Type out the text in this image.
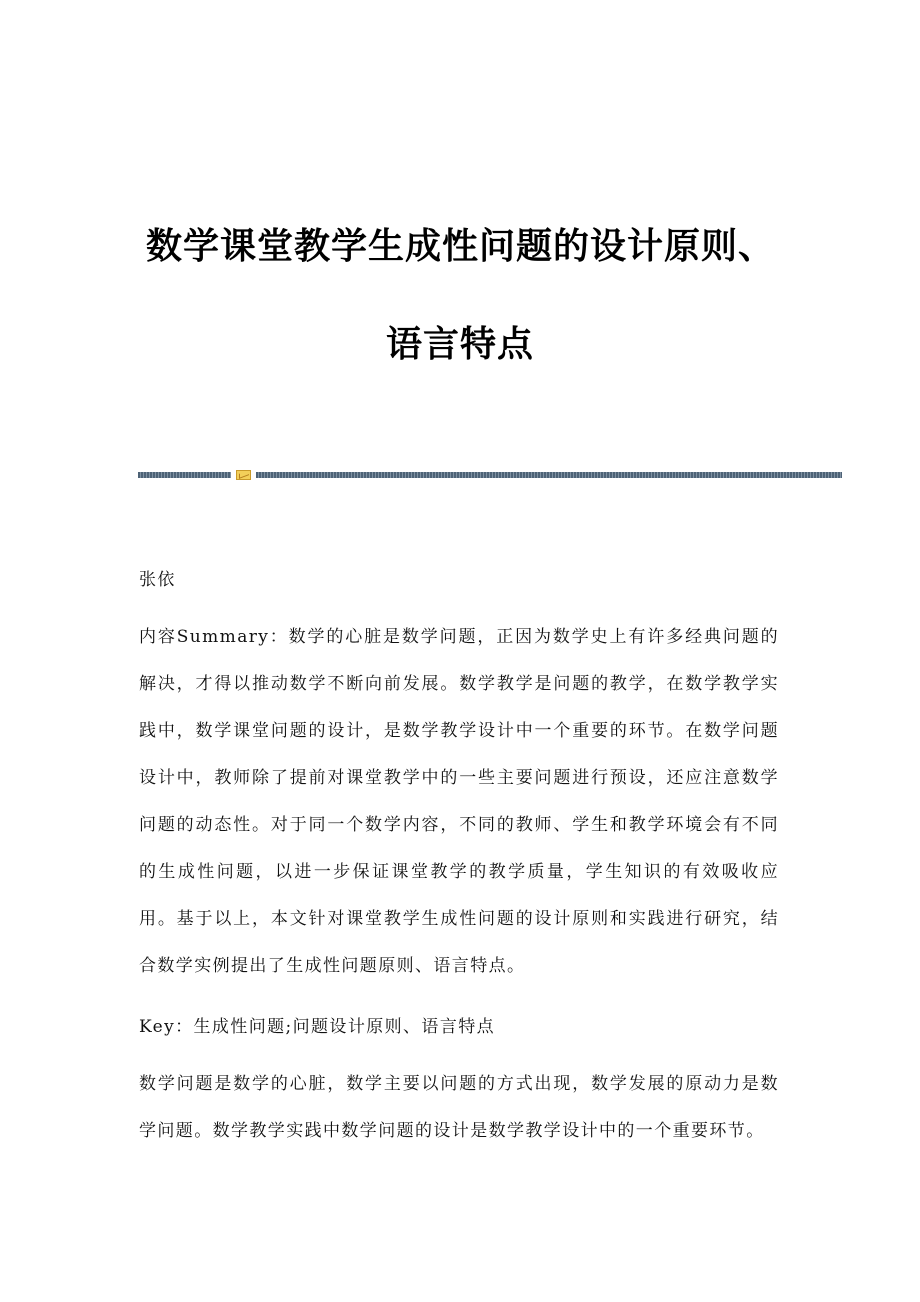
数学课堂教学生成性问题的设计原则、
语言特点
张依
内容Summary：数学的心脏是数学问题，正因为数学史上有许多经典问题的解决，才得以推动数学不断向前发展。数学教学是问题的教学，在数学教学实践中，数学课堂问题的设计，是数学教学设计中一个重要的环节。在数学问题设计中，教师除了提前对课堂教学中的一些主要问题进行预设，还应注意数学问题的动态性。对于同一个数学内容，不同的教师、学生和教学环境会有不同的生成性问题，以进一步保证课堂教学的教学质量，学生知识的有效吸收应用。基于以上，本文针对课堂教学生成性问题的设计原则和实践进行研究，结合数学实例提出了生成性问题原则、语言特点。
Key：生成性问题;问题设计原则、语言特点
数学问题是数学的心脏，数学主要以问题的方式出现，数学发展的原动力是数学问题。数学教学实践中数学问题的设计是数学教学设计中的一个重要环节。
